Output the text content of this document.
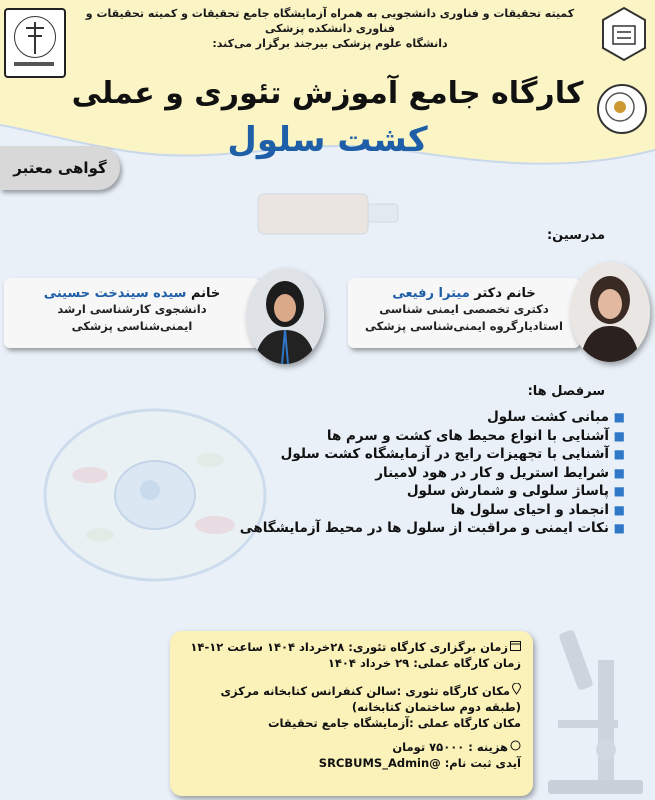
کمیته تحقیقات و فناوری دانشجویی به همراه آزمایشگاه جامع تحقیقات و کمیته تحقیقات و فناوری دانشکده پزشکی
دانشگاه علوم پزشکی بیرجند برگزار می‌کند:
کارگاه جامع آموزش تئوری و عملی
کشت سلول
گواهی معتبر
مدرسین:
خانم دکتر میترا رفیعی
دکتری تخصصی ایمنی شناسی
استادیارگروه ایمنی‌شناسی پزشکی
خانم سیده سیندخت حسینی
دانشجوی کارشناسی ارشد
ایمنی‌شناسی پزشکی
سرفصل ها:
■
مبانی کشت سلول
■
آشنایی با انواع محیط های کشت و سرم ها
■
آشنایی با تجهیزات رایج در آزمایشگاه کشت سلول
■
شرایط استریل و کار در هود لامینار
■
پاساژ سلولی و شمارش سلول
■
انجماد و احیای سلول ها
■
نکات ایمنی و مراقبت از سلول ها در محیط آزمایشگاهی
زمان برگزاری کارگاه تئوری: ۲۸خرداد ۱۴۰۴ ساعت ۱۲-۱۴
زمان کارگاه عملی: ۲۹ خرداد ۱۴۰۴
مکان کارگاه تئوری :سالن کنفرانس کتابخانه مرکزی (طبقه دوم ساختمان کتابخانه)
مکان کارگاه عملی :آزمایشگاه جامع تحقیقات
هزینه : ۷۵۰۰۰ تومان
آیدی ثبت نام: @SRCBUMS_Admin
